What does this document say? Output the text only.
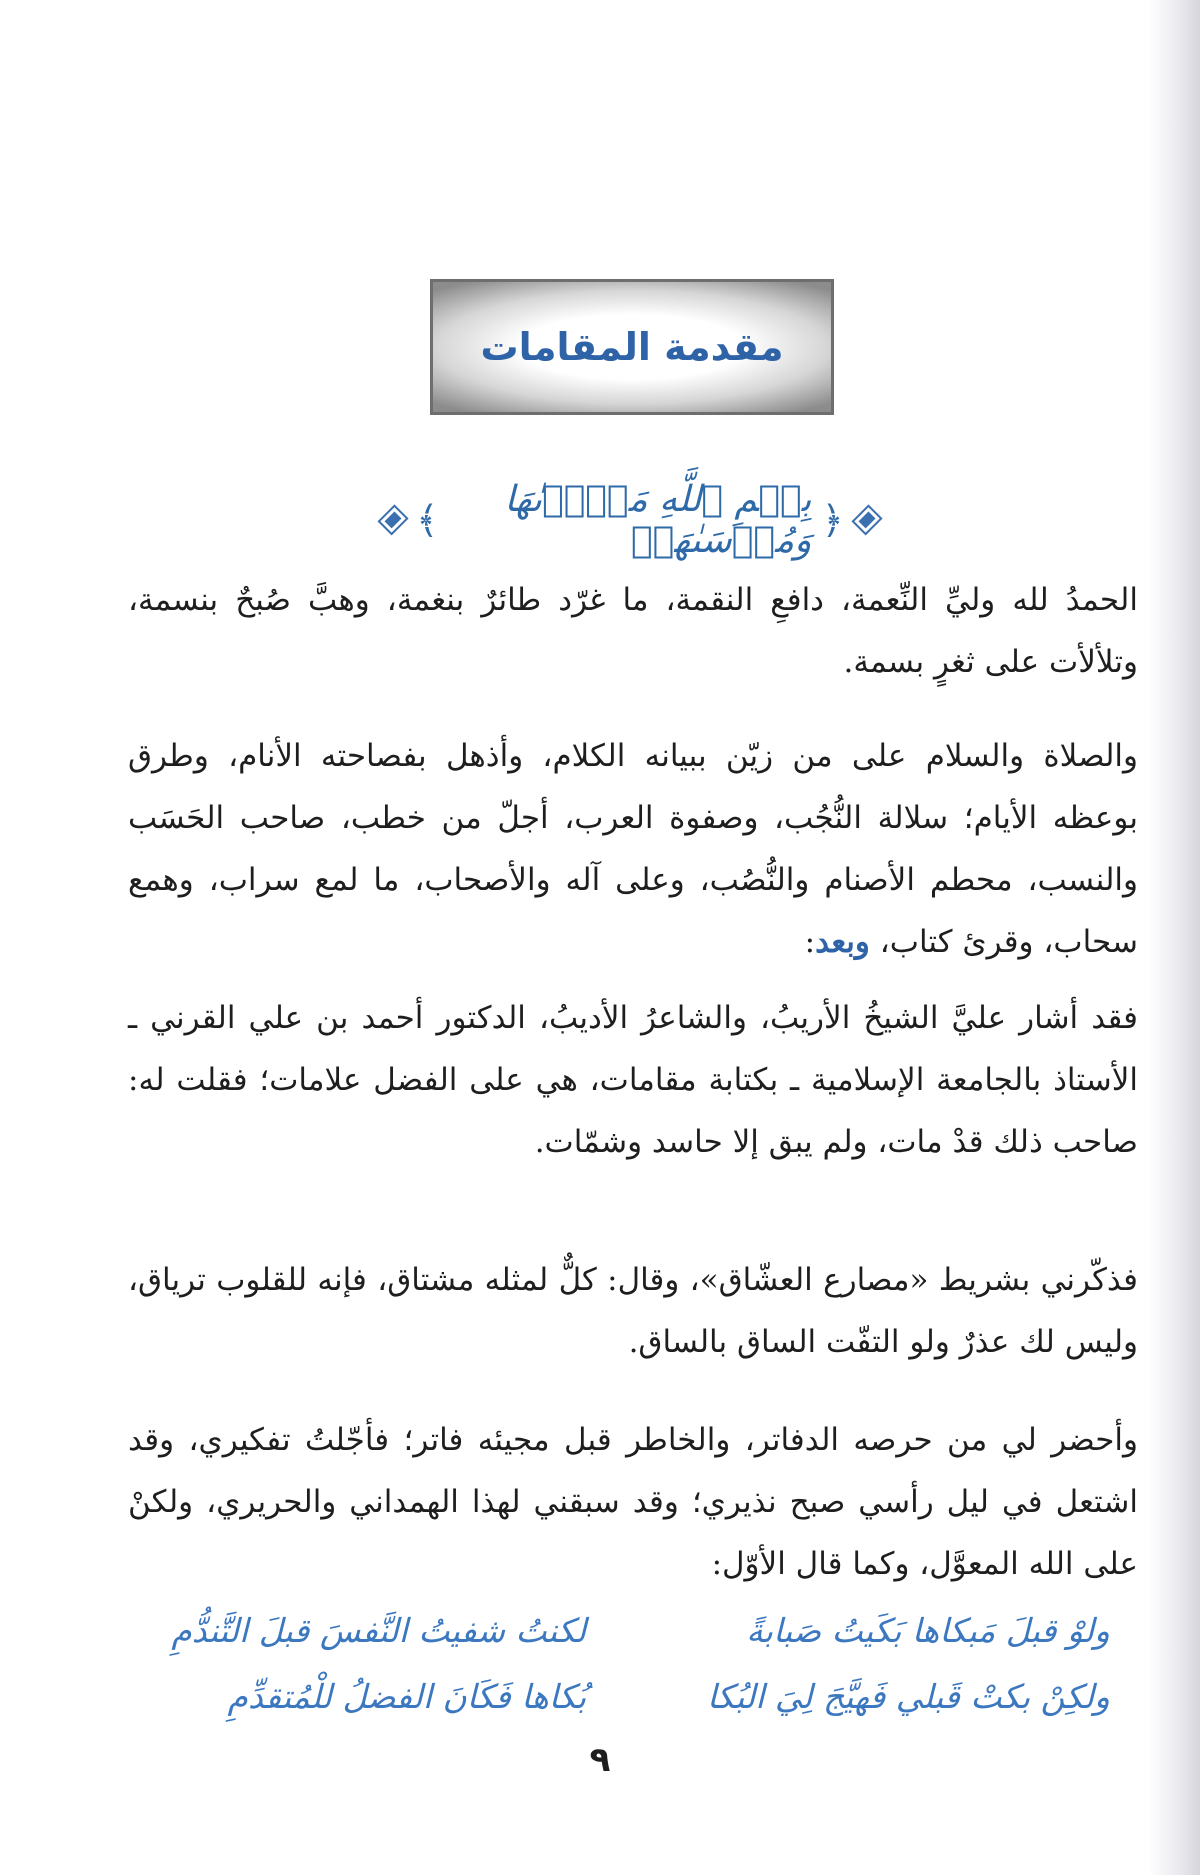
مقدمة المقامات
﴿
بِسۡمِ ٱللَّهِ مَجۡرٜىٰهَا وَمُرۡسَىٰهَآۚ
﴾

الحمدُ لله وليِّ النِّعمة، دافعِ النقمة، ما غرّد طائرٌ بنغمة، وهبَّ صُبحٌ بنسمة، وتلألأت على ثغرٍ بسمة.

والصلاة والسلام على من زيّن ببيانه الكلام، وأذهل بفصاحته الأنام، وطرق بوعظه الأيام؛ سلالة النُّجُب، وصفوة العرب، أجلّ من خطب، صاحب الحَسَب والنسب، محطم الأصنام والنُّصُب، وعلى آله والأصحاب، ما لمع سراب، وهمع سحاب، وقرئ كتاب، وبعد:

فقد أشار عليَّ الشيخُ الأريبُ، والشاعرُ الأديبُ، الدكتور أحمد بن علي القرني ـ الأستاذ بالجامعة الإسلامية ـ بكتابة مقامات، هي على الفضل علامات؛ فقلت له: صاحب ذلك قدْ مات، ولم يبق إلا حاسد وشمّات.

فذكّرني بشريط «مصارع العشّاق»، وقال: كلٌّ لمثله مشتاق، فإنه للقلوب ترياق، وليس لك عذرٌ ولو التفّت الساق بالساق.

وأحضر لي من حرصه الدفاتر، والخاطر قبل مجيئه فاتر؛ فأجّلتُ تفكيري، وقد اشتعل في ليل رأسي صبح نذيري؛ وقد سبقني لهذا الهمداني والحريري، ولكنْ على الله المعوَّل، وكما قال الأوّل:

ولوْ قبلَ مَبكاها بَكَيتُ صَبابةً
لكنتُ شفيتُ النَّفسَ قبلَ التَّندُّمِ
ولكِنْ بكتْ قَبلي فَهيَّجَ لِيَ البُكا
بُكاها فَكَانَ الفضلُ للْمُتقدِّمِ
٩
